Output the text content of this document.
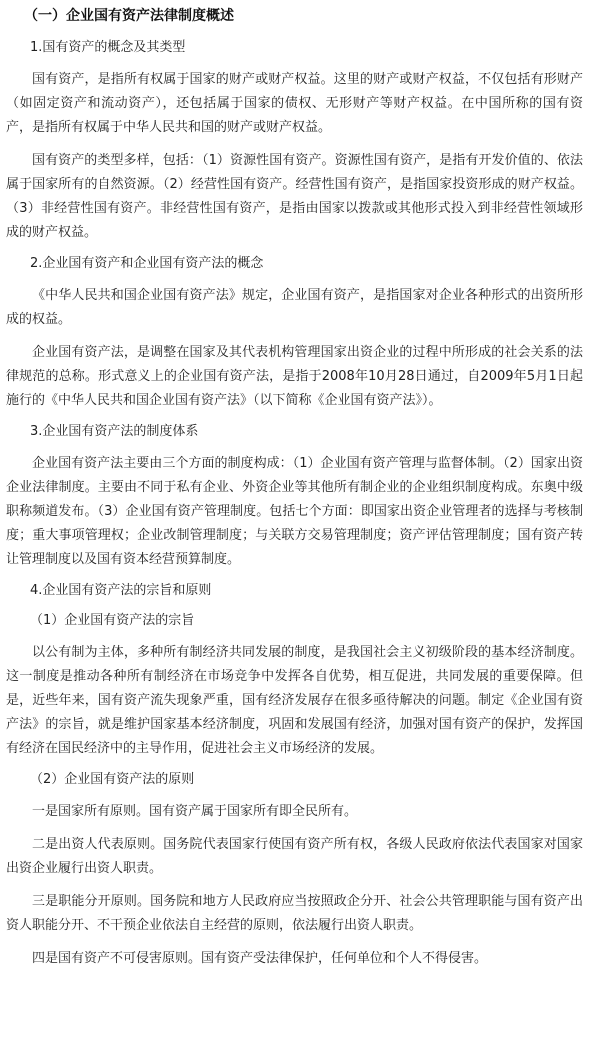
（一）企业国有资产法律制度概述
1.国有资产的概念及其类型

国有资产，是指所有权属于国家的财产或财产权益。这里的财产或财产权益，不仅包括有形财产（如固定资产和流动资产），还包括属于国家的债权、无形财产等财产权益。在中国所称的国有资产，是指所有权属于中华人民共和国的财产或财产权益。

国有资产的类型多样，包括：（1）资源性国有资产。资源性国有资产，是指有开发价值的、依法属于国家所有的自然资源。（2）经营性国有资产。经营性国有资产，是指国家投资形成的财产权益。（3）非经营性国有资产。非经营性国有资产，是指由国家以拨款或其他形式投入到非经营性领域形成的财产权益。

2.企业国有资产和企业国有资产法的概念

《中华人民共和国企业国有资产法》规定，企业国有资产，是指国家对企业各种形式的出资所形成的权益。

企业国有资产法，是调整在国家及其代表机构管理国家出资企业的过程中所形成的社会关系的法律规范的总称。形式意义上的企业国有资产法，是指于2008年10月28日通过，自2009年5月1日起施行的《中华人民共和国企业国有资产法》（以下简称《企业国有资产法》）。

3.企业国有资产法的制度体系

企业国有资产法主要由三个方面的制度构成：（1）企业国有资产管理与监督体制。（2）国家出资企业法律制度。主要由不同于私有企业、外资企业等其他所有制企业的企业组织制度构成。东奥中级职称频道发布。（3）企业国有资产管理制度。包括七个方面：即国家出资企业管理者的选择与考核制度；重大事项管理权；企业改制管理制度；与关联方交易管理制度；资产评估管理制度；国有资产转让管理制度以及国有资本经营预算制度。

4.企业国有资产法的宗旨和原则
（1）企业国有资产法的宗旨

以公有制为主体，多种所有制经济共同发展的制度，是我国社会主义初级阶段的基本经济制度。这一制度是推动各种所有制经济在市场竞争中发挥各自优势，相互促进，共同发展的重要保障。但是，近些年来，国有资产流失现象严重，国有经济发展存在很多亟待解决的问题。制定《企业国有资产法》的宗旨，就是维护国家基本经济制度，巩固和发展国有经济，加强对国有资产的保护，发挥国有经济在国民经济中的主导作用，促进社会主义市场经济的发展。

（2）企业国有资产法的原则

一是国家所有原则。国有资产属于国家所有即全民所有。

二是出资人代表原则。国务院代表国家行使国有资产所有权，各级人民政府依法代表国家对国家出资企业履行出资人职责。

三是职能分开原则。国务院和地方人民政府应当按照政企分开、社会公共管理职能与国有资产出资人职能分开、不干预企业依法自主经营的原则，依法履行出资人职责。

四是国有资产不可侵害原则。国有资产受法律保护，任何单位和个人不得侵害。
